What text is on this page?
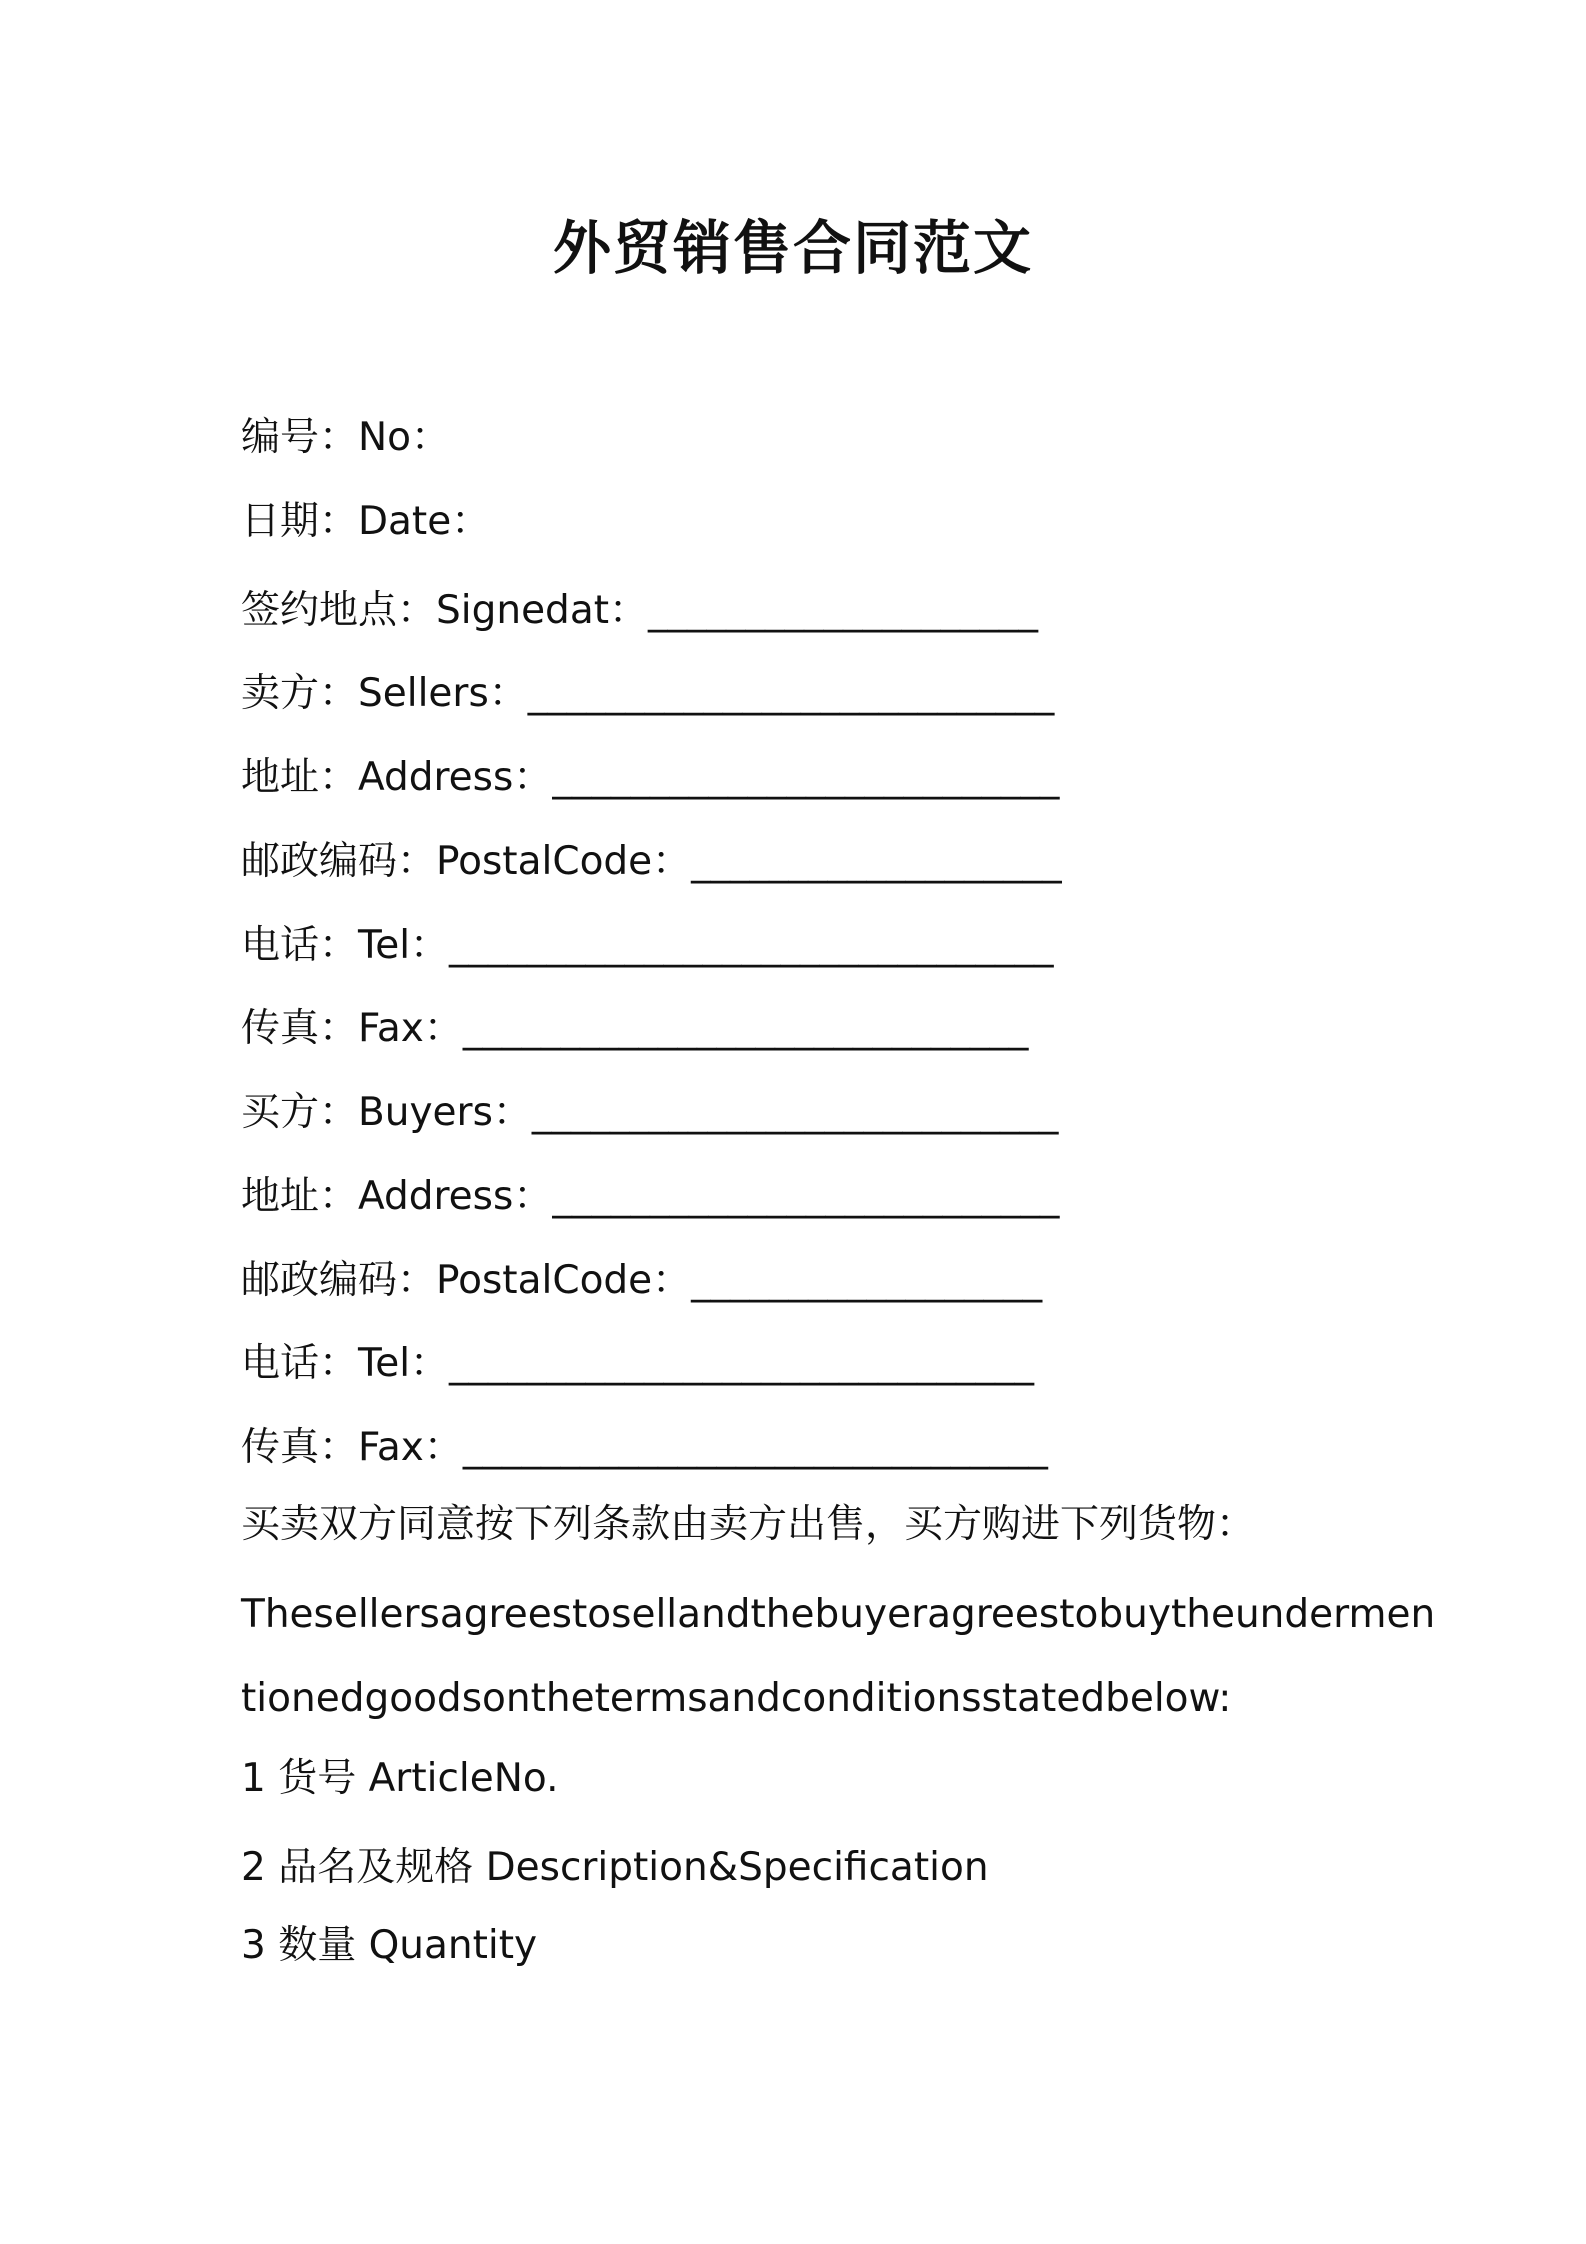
外贸销售合同范文
编号：No：
日期：Date：
签约地点：Signedat：____________________
卖方：Sellers：___________________________
地址：Address：__________________________
邮政编码：PostalCode：___________________
电话：Tel：_______________________________
传真：Fax：_____________________________
买方：Buyers：___________________________
地址：Address：__________________________
邮政编码：PostalCode：__________________
电话：Tel：______________________________
传真：Fax：______________________________
买卖双方同意按下列条款由卖方出售，买方购进下列货物：
Thesellersagreestosellandthebuyeragreestobuytheundermen
tionedgoodsonthetermsandconditionsstatedbelow:
1 货号 ArticleNo.
2 品名及规格 Description&Specification
3 数量 Quantity
